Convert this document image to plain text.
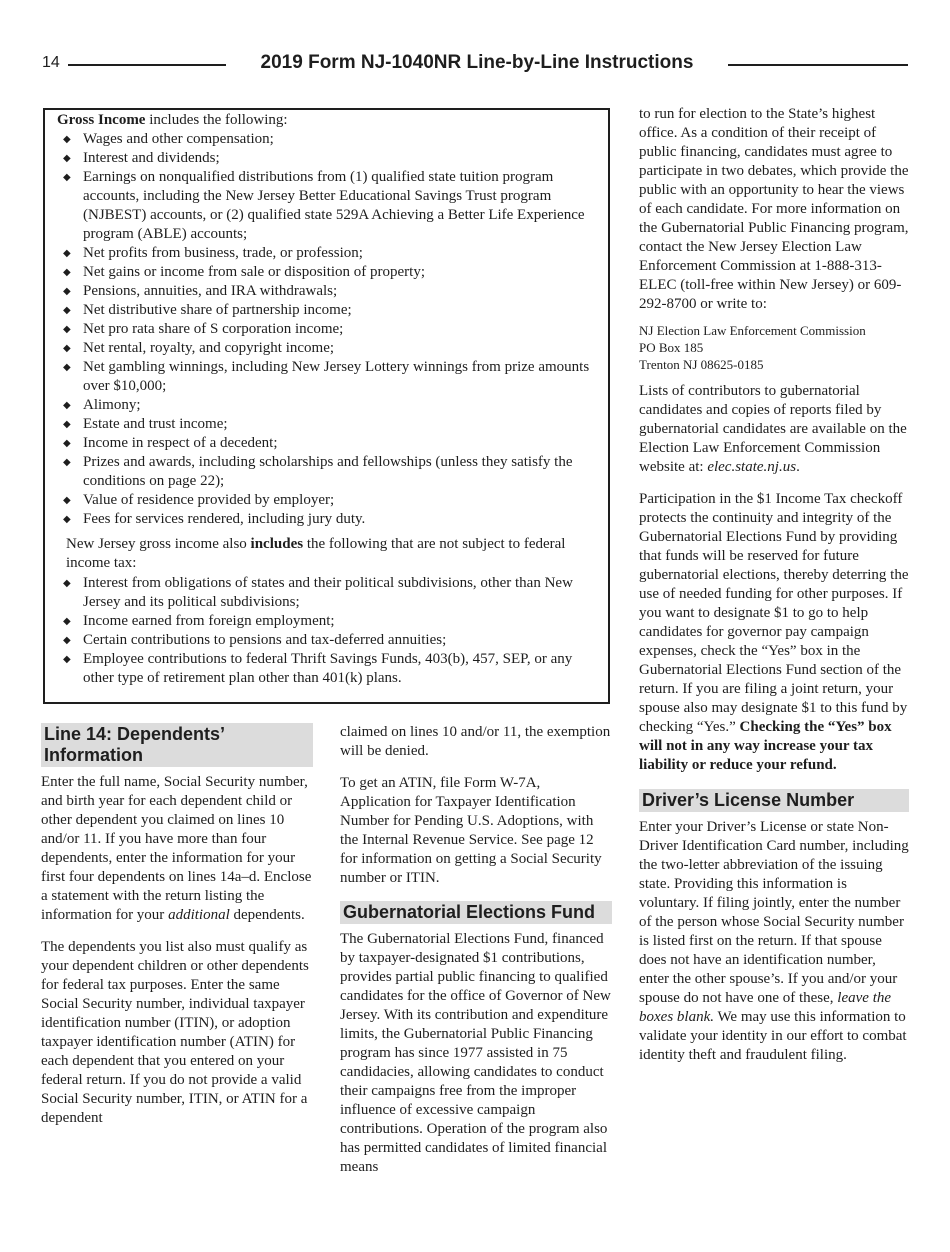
14	2019 Form NJ-1040NR Line-by-Line Instructions

Gross Income includes the following:

◆ Wages and other compensation;
◆ Interest and dividends;
◆ Earnings on nonqualified distributions from (1) qualified state tuition program accounts, including the New Jersey Better Educational Savings Trust program (NJBEST) accounts, or (2) qualified state 529A Achieving a Better Life Experience program (ABLE) accounts;
◆ Net profits from business, trade, or profession;
◆ Net gains or income from sale or disposition of property;
◆ Pensions, annuities, and IRA withdrawals;
◆ Net distributive share of partnership income;
◆ Net pro rata share of S corporation income;
◆ Net rental, royalty, and copyright income;
◆ Net gambling winnings, including New Jersey Lottery winnings from prize amounts over $10,000;
◆ Alimony;
◆ Estate and trust income;
◆ Income in respect of a decedent;
◆ Prizes and awards, including scholarships and fellowships (unless they satisfy the conditions on page 22);
◆ Value of residence provided by employer;
◆ Fees for services rendered, including jury duty.

New Jersey gross income also includes the following that are not subject to federal income tax:

◆ Interest from obligations of states and their political subdivisions, other than New Jersey and its political subdivisions;
◆ Income earned from foreign employment;
◆ Certain contributions to pensions and tax-deferred annuities;
◆ Employee contributions to federal Thrift Savings Funds, 403(b), 457, SEP, or any other type of retirement plan other than 401(k) plans.
Line 14: Dependents’ Information

Enter the full name, Social Security number, and birth year for each dependent child or other dependent you claimed on lines 10 and/or 11. If you have more than four dependents, enter the information for your first four dependents on lines 14a–d. Enclose a statement with the return listing the information for your additional dependents.

The dependents you list also must qualify as your dependent children or other dependents for federal tax purposes. Enter the same Social Security number, individual taxpayer identification number (ITIN), or adoption taxpayer identification number (ATIN) for each dependent that you entered on your federal return. If you do not provide a valid Social Security number, ITIN, or ATIN for a dependent

claimed on lines 10 and/or 11, the exemption will be denied.

To get an ATIN, file Form W-7A, Application for Taxpayer Identification Number for Pending U.S. Adoptions, with the Internal Revenue Service. See page 12 for information on getting a Social Security number or ITIN.

Gubernatorial Elections Fund

The Gubernatorial Elections Fund, financed by taxpayer-designated $1 contributions, provides partial public financing to qualified candidates for the office of Governor of New Jersey. With its contribution and expenditure limits, the Gubernatorial Public Financing program has since 1977 assisted in 75 candidacies, allowing candidates to conduct their campaigns free from the improper influence of excessive campaign contributions. Operation of the program also has permitted candidates of limited financial means

to run for election to the State’s highest office. As a condition of their receipt of public financing, candidates must agree to participate in two debates, which provide the public with an opportunity to hear the views of each candidate. For more information on the Gubernatorial Public Financing program, contact the New Jersey Election Law Enforcement Commission at 1-888-313-ELEC (toll-free within New Jersey) or 609-292-8700 or write to:

NJ Election Law Enforcement Commission
PO Box 185
Trenton NJ 08625-0185

Lists of contributors to gubernatorial candidates and copies of reports filed by gubernatorial candidates are available on the Election Law Enforcement Commission website at: elec.state.nj.us.

Participation in the $1 Income Tax checkoff protects the continuity and integrity of the Gubernatorial Elections Fund by providing that funds will be reserved for future gubernatorial elections, thereby deterring the use of needed funding for other purposes. If you want to designate $1 to go to help candidates for governor pay campaign expenses, check the “Yes” box in the Gubernatorial Elections Fund section of the return. If you are filing a joint return, your spouse also may designate $1 to this fund by checking “Yes.” Checking the “Yes” box will not in any way increase your tax liability or reduce your refund.

Driver’s License Number

Enter your Driver’s License or state Non-Driver Identification Card number, including the two-letter abbreviation of the issuing state. Providing this information is voluntary. If filing jointly, enter the number of the person whose Social Security number is listed first on the return. If that spouse does not have an identification number, enter the other spouse’s. If you and/or your spouse do not have one of these, leave the boxes blank. We may use this information to validate your identity in our effort to combat identity theft and fraudulent filing.
